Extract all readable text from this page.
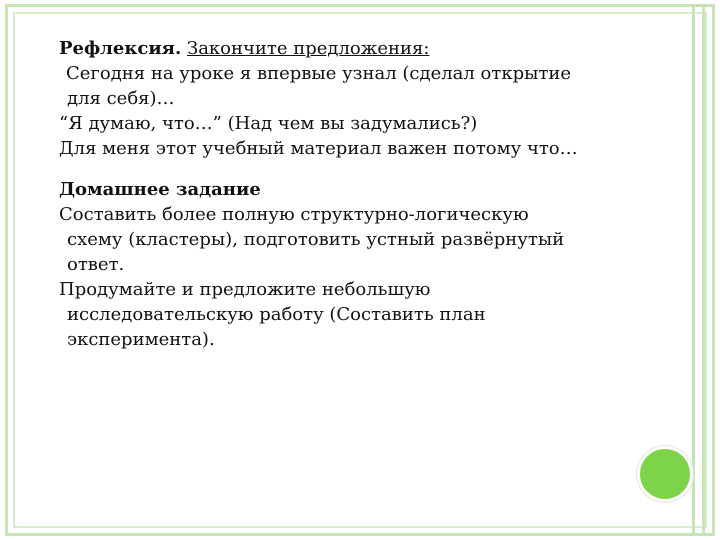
Рефлексия. Закончите предложения:
Сегодня на уроке я впервые узнал (сделал открытие
для себя)…
“Я думаю, что…” (Над чем вы задумались?)
Для меня этот учебный материал важен потому что…
Домашнее задание
Составить более полную структурно-логическую
схему (кластеры), подготовить устный развёрнутый
ответ.
Продумайте и предложите небольшую
исследовательскую работу (Составить план
эксперимента).
